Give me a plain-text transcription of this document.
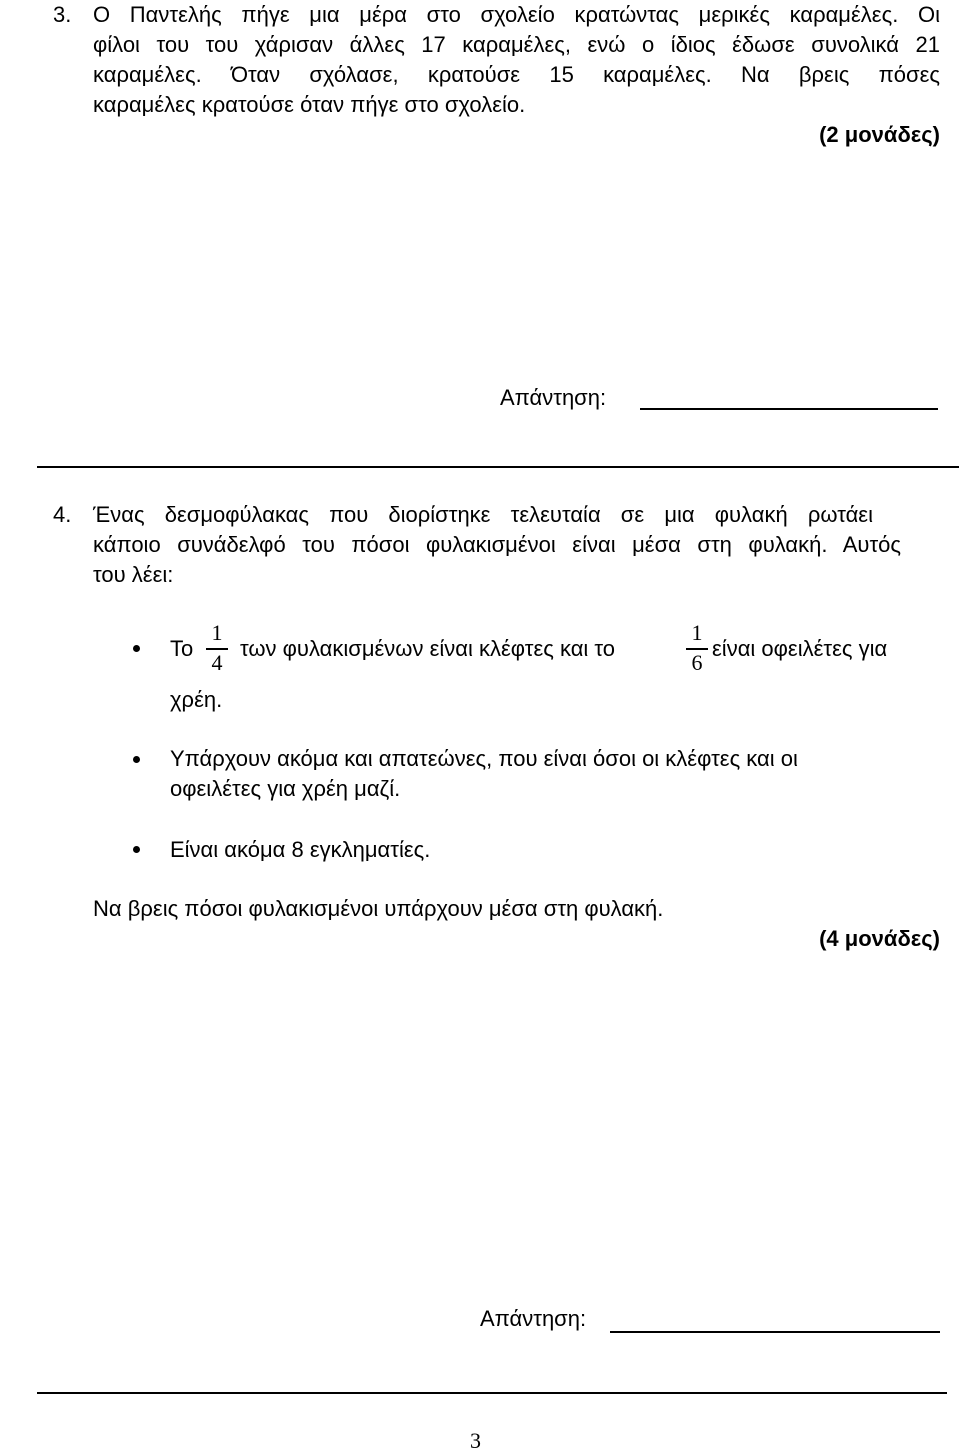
3. Ο Παντελής πήγε μια μέρα στο σχολείο κρατώντας μερικές καραμέλες. Οι
φίλοι του του χάρισαν άλλες 17 καραμέλες, ενώ ο ίδιος έδωσε συνολικά 21
καραμέλες. Όταν σχόλασε, κρατούσε 15 καραμέλες. Να βρεις πόσες
καραμέλες κρατούσε όταν πήγε στο σχολείο.
(2 μονάδες)
Απάντηση:
4. Ένας δεσμοφύλακας που διορίστηκε τελευταία σε μια φυλακή ρωτάει
κάποιο συνάδελφό του πόσοι φυλακισμένοι είναι μέσα στη φυλακή. Αυτός
του λέει:
Το
1
4
των φυλακισμένων είναι κλέφτες και το
1
6
είναι οφειλέτες για
χρέη.
Υπάρχουν ακόμα και απατεώνες, που είναι όσοι οι κλέφτες και οι
οφειλέτες για χρέη μαζί.
Είναι ακόμα 8 εγκληματίες.
Να βρεις πόσοι φυλακισμένοι υπάρχουν μέσα στη φυλακή.
(4 μονάδες)
Απάντηση:
3
